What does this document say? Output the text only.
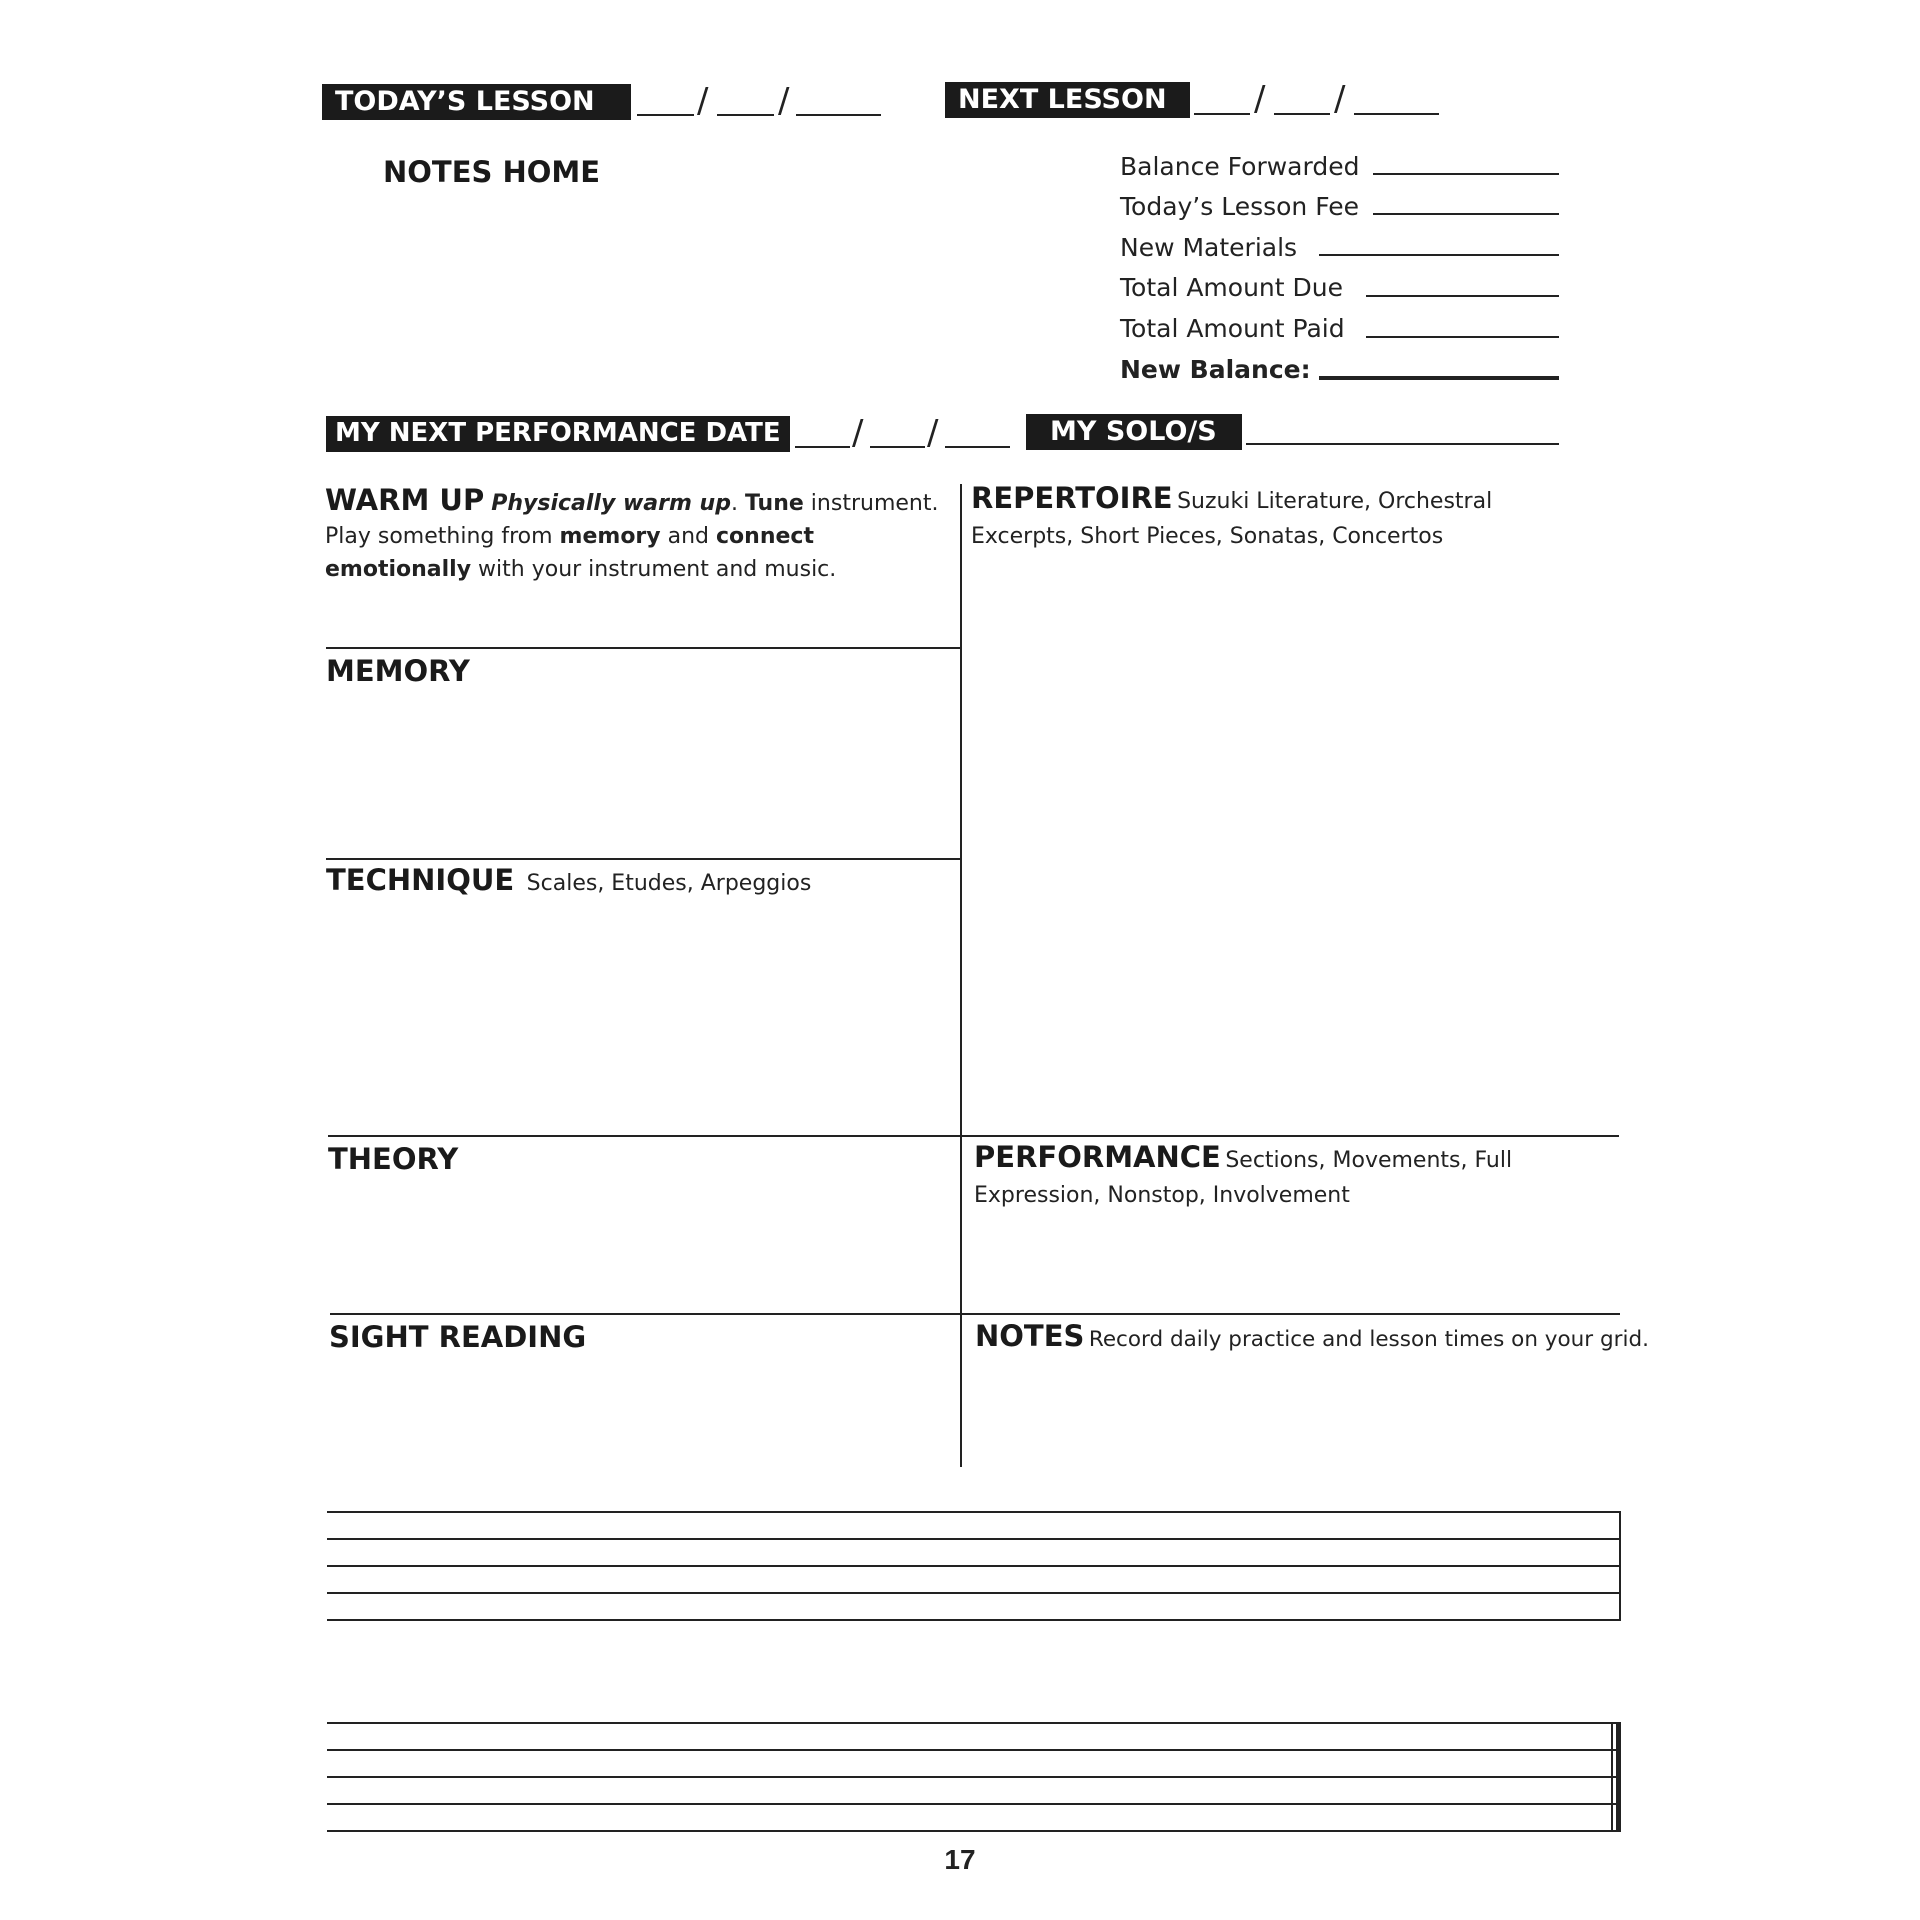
TODAY’S LESSON	/ /	NEXT LESSON	/ /
NOTES HOME	Balance Forwarded
Today’s Lesson Fee
New Materials
Total Amount Due
Total Amount Paid
New Balance:
MY NEXT PERFORMANCE DATE / /	MY SOLO/S
WARM UP Physically warm up. Tune instrument. Play something from memory and connect emotionally with your instrument and music.
MEMORY
TECHNIQUE Scales, Etudes, Arpeggios
THEORY
SIGHT READING
REPERTOIRE Suzuki Literature, Orchestral Excerpts, Short Pieces, Sonatas, Concertos
PERFORMANCE Sections, Movements, Full Expression, Nonstop, Involvement
NOTES Record daily practice and lesson times on your grid.
17
